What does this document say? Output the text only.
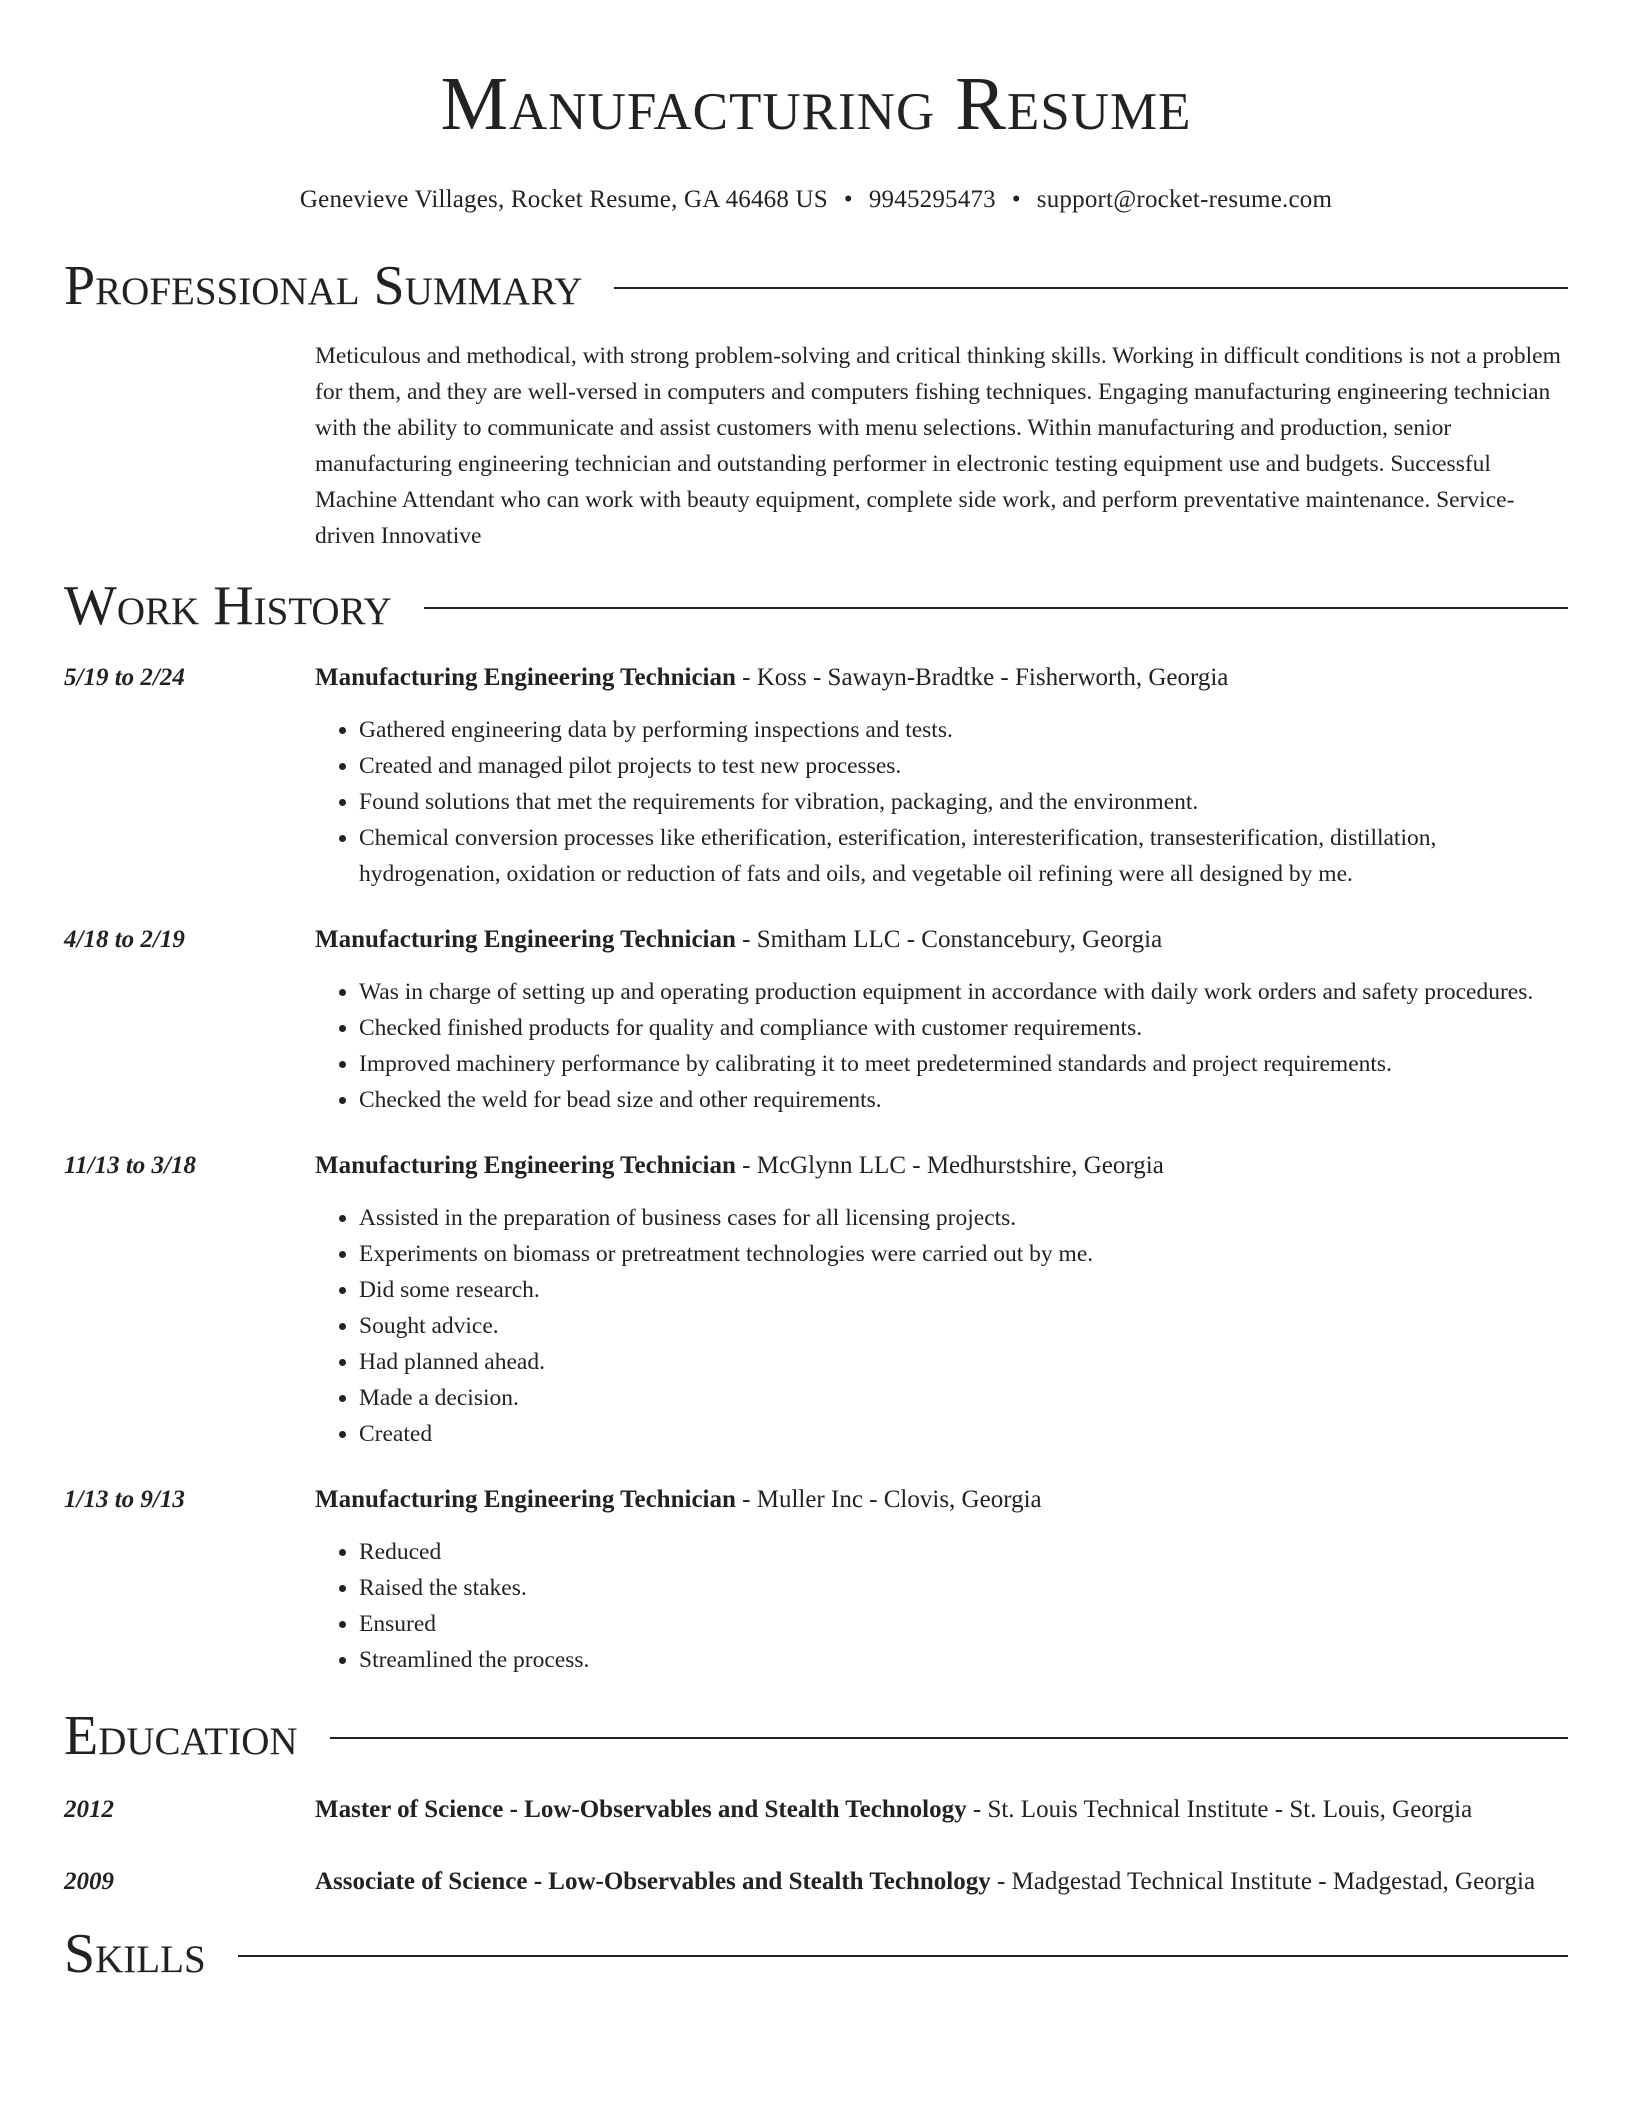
Manufacturing Resume
Genevieve Villages, Rocket Resume, GA 46468 US • 9945295473 • support@rocket-resume.com
Professional Summary
Meticulous and methodical, with strong problem-solving and critical thinking skills. Working in difficult conditions is not a problem for them, and they are well-versed in computers and computers fishing techniques. Engaging manufacturing engineering technician with the ability to communicate and assist customers with menu selections. Within manufacturing and production, senior manufacturing engineering technician and outstanding performer in electronic testing equipment use and budgets. Successful Machine Attendant who can work with beauty equipment, complete side work, and perform preventative maintenance. Service-driven Innovative
Work History
5/19 to 2/24	Manufacturing Engineering Technician - Koss - Sawayn-Bradtke - Fisherworth, Georgia
• Gathered engineering data by performing inspections and tests.
• Created and managed pilot projects to test new processes.
• Found solutions that met the requirements for vibration, packaging, and the environment.
• Chemical conversion processes like etherification, esterification, interesterification, transesterification, distillation, hydrogenation, oxidation or reduction of fats and oils, and vegetable oil refining were all designed by me.
4/18 to 2/19	Manufacturing Engineering Technician - Smitham LLC - Constancebury, Georgia
• Was in charge of setting up and operating production equipment in accordance with daily work orders and safety procedures.
• Checked finished products for quality and compliance with customer requirements.
• Improved machinery performance by calibrating it to meet predetermined standards and project requirements.
• Checked the weld for bead size and other requirements.
11/13 to 3/18	Manufacturing Engineering Technician - McGlynn LLC - Medhurstshire, Georgia
• Assisted in the preparation of business cases for all licensing projects.
• Experiments on biomass or pretreatment technologies were carried out by me.
• Did some research.
• Sought advice.
• Had planned ahead.
• Made a decision.
• Created
1/13 to 9/13	Manufacturing Engineering Technician - Muller Inc - Clovis, Georgia
• Reduced
• Raised the stakes.
• Ensured
• Streamlined the process.
Education
2012	Master of Science - Low-Observables and Stealth Technology - St. Louis Technical Institute - St. Louis, Georgia
2009	Associate of Science - Low-Observables and Stealth Technology - Madgestad Technical Institute - Madgestad, Georgia
Skills
